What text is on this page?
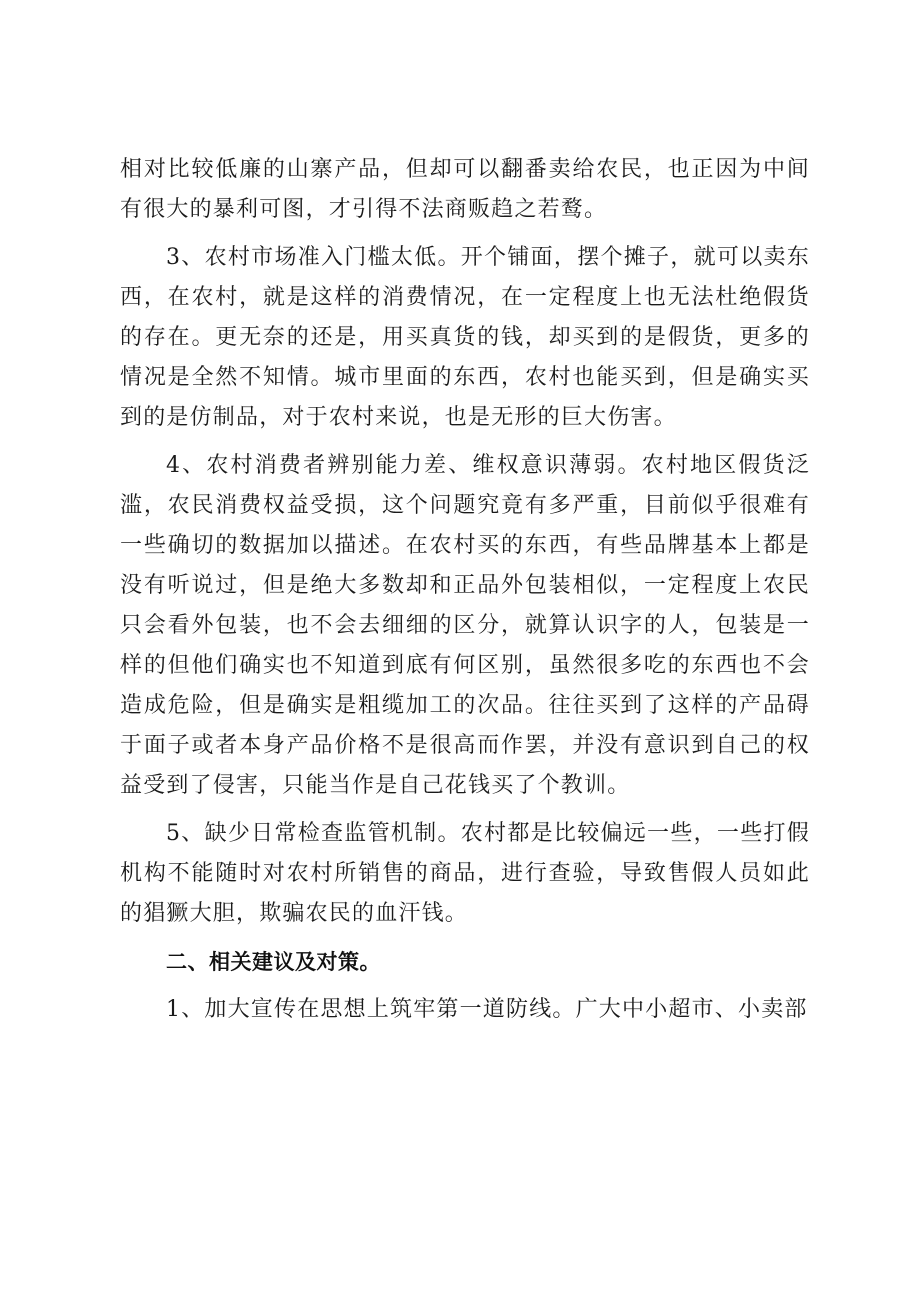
相对比较低廉的山寨产品，但却可以翻番卖给农民，也正因为中间有很大的暴利可图，才引得不法商贩趋之若鹜。

3、农村市场准入门槛太低。开个铺面，摆个摊子，就可以卖东西，在农村，就是这样的消费情况，在一定程度上也无法杜绝假货的存在。更无奈的还是，用买真货的钱，却买到的是假货，更多的情况是全然不知情。城市里面的东西，农村也能买到，但是确实买到的是仿制品，对于农村来说，也是无形的巨大伤害。

4、农村消费者辨别能力差、维权意识薄弱。农村地区假货泛滥，农民消费权益受损，这个问题究竟有多严重，目前似乎很难有一些确切的数据加以描述。在农村买的东西，有些品牌基本上都是没有听说过，但是绝大多数却和正品外包装相似，一定程度上农民只会看外包装，也不会去细细的区分，就算认识字的人，包装是一样的但他们确实也不知道到底有何区别，虽然很多吃的东西也不会造成危险，但是确实是粗缆加工的次品。往往买到了这样的产品碍于面子或者本身产品价格不是很高而作罢，并没有意识到自己的权益受到了侵害，只能当作是自己花钱买了个教训。

5、缺少日常检查监管机制。农村都是比较偏远一些，一些打假机构不能随时对农村所销售的商品，进行查验，导致售假人员如此的猖獗大胆，欺骗农民的血汗钱。

二、相关建议及对策。

1、加大宣传在思想上筑牢第一道防线。广大中小超市、小卖部
